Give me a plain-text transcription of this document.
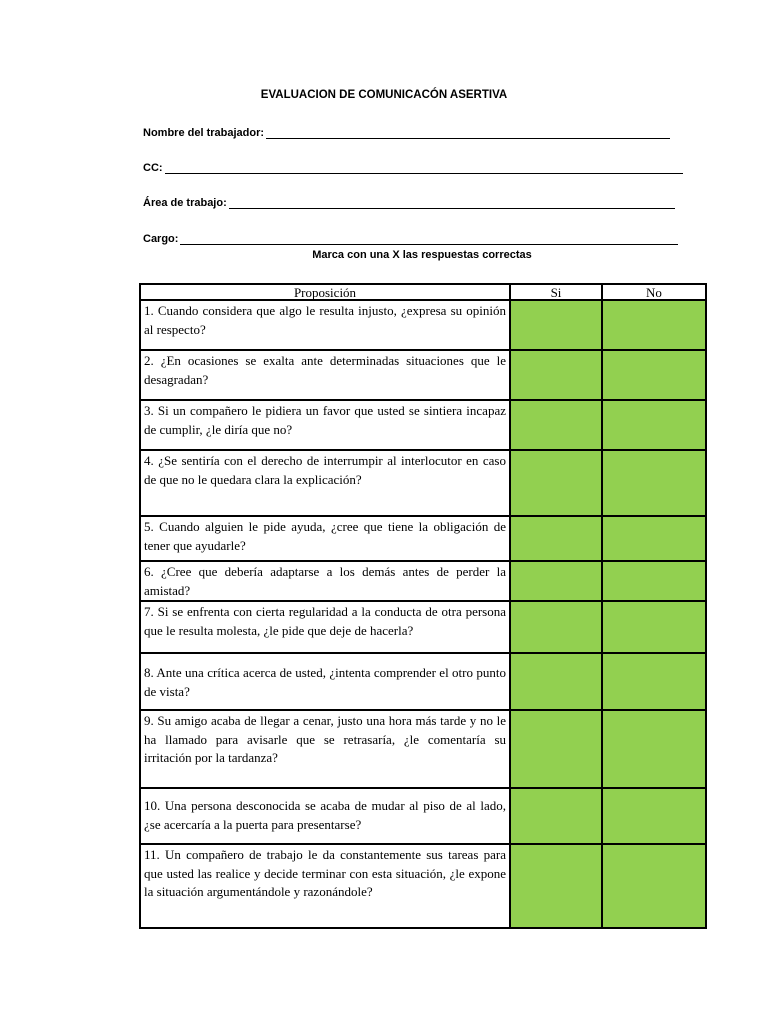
EVALUACION DE COMUNICACÓN ASERTIVA
Nombre del trabajador:
CC:
Área de trabajo:
Cargo:
Marca con una X las respuestas correctas
Proposición	Si	No
1. Cuando considera que algo le resulta injusto, ¿expresa su opinión al respecto?		
2. ¿En ocasiones se exalta ante determinadas situaciones que le desagradan?		
3. Si un compañero le pidiera un favor que usted se sintiera incapaz de cumplir, ¿le diría que no?		
4. ¿Se sentiría con el derecho de interrumpir al interlocutor en caso de que no le quedara clara la explicación?		
5. Cuando alguien le pide ayuda, ¿cree que tiene la obligación de tener que ayudarle?		
6. ¿Cree que debería adaptarse a los demás antes de perder la amistad?		
7. Si se enfrenta con cierta regularidad a la conducta de otra persona que le resulta molesta, ¿le pide que deje de hacerla?		
8. Ante una crítica acerca de usted, ¿intenta comprender el otro punto de vista?		
9. Su amigo acaba de llegar a cenar, justo una hora más tarde y no le ha llamado para avisarle que se retrasaría, ¿le comentaría su irritación por la tardanza?		
10. Una persona desconocida se acaba de mudar al piso de al lado, ¿se acercaría a la puerta para presentarse?		
11. Un compañero de trabajo le da constantemente sus tareas para que usted las realice y decide terminar con esta situación, ¿le expone la situación argumentándole y razonándole?		
